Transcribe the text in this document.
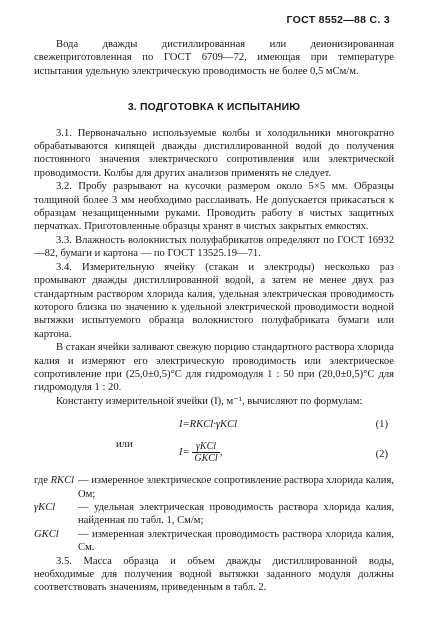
ГОСТ 8552—88 С. 3

Вода дважды дистиллированная или деионизированная свежеприготовленная по ГОСТ 6709—72, имеющая при температуре испытания удельную электрическую проводимость не более 0,5 мСм/м.

3. ПОДГОТОВКА К ИСПЫТАНИЮ

3.1. Первоначально используемые колбы и холодильники многократно обрабатываются кипящей дважды дистиллированной водой до получения постоянного значения электрического сопротивления или электрической проводимости. Колбы для других анализов применять не следует.

3.2. Пробу разрывают на кусочки размером около 5×5 мм. Образцы толщиной более 3 мм необходимо расслаивать. Не допускается прикасаться к образцам незащищенными руками. Проводить работу в чистых защитных перчатках. Приготовленные образцы хранят в чистых закрытых емкостях.

3.3. Влажность волокнистых полуфабрикатов определяют по ГОСТ 16932—82, бумаги и картона — по ГОСТ 13525.19—71.

3.4. Измерительную ячейку (стакан и электроды) несколько раз промывают дважды дистиллированной водой, а затем не менее двух раз стандартным раствором хлорида калия, удельная электрическая проводимость которого близка по значению к удельной электрической проводимости водной вытяжки испытуемого образца волокнистого полуфабриката бумаги или картона.

В стакан ячейки заливают свежую порцию стандартного раствора хлорида калия и измеряют его электрическую проводимость или электрическое сопротивление при (25,0±0,5)°C для гидромодуля 1 : 50 при (20,0±0,5)°C для гидромодуля 1 : 20.

Константу измерительной ячейки (I), м⁻¹, вычисляют по формулам:

I=RKCl·γKCl	(1)
или
$I= \frac{\text{γKCl}}{\text{GKCl}}$ ,	(2)
где RKCl — измеренное электрическое сопротивление раствора хлорида калия, Ом;
γKCl	— удельная электрическая проводимость раствора хлорида калия, найденная по табл. 1, См/м;
GKCl	— измеренная электрическая проводимость раствора хлорида калия, См.

3.5. Масса образца и объем дважды дистиллированной воды, необходимые для получения водной вытяжки заданного модуля должны соответствовать значениям, приведенным в табл. 2.
